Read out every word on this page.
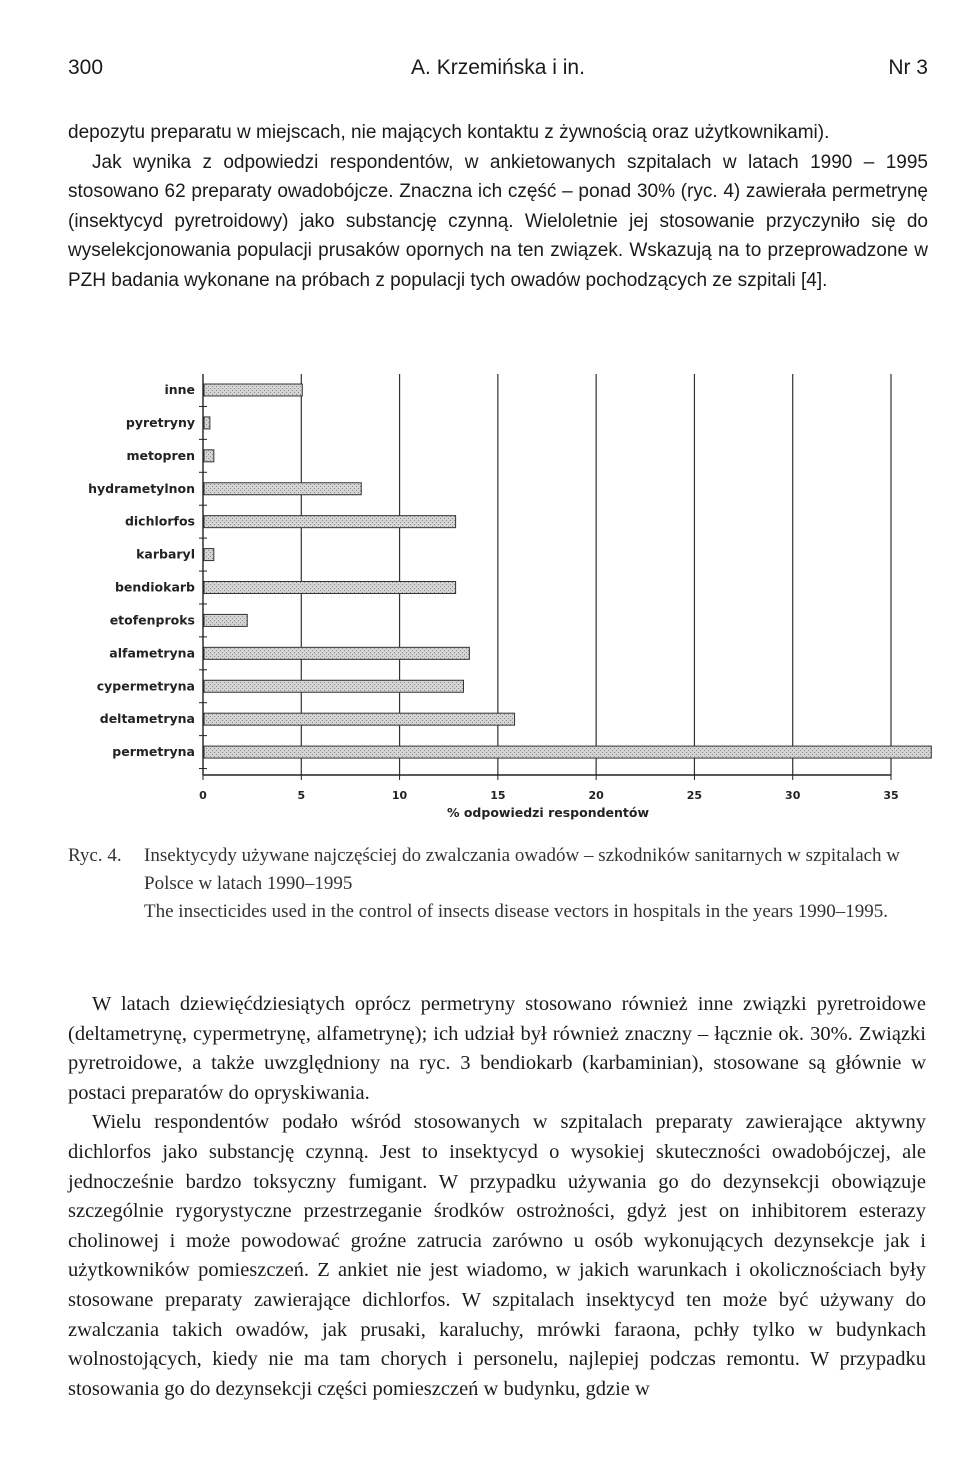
300	A. Krzemińska i in.	Nr 3

depozytu preparatu w miejscach, nie mających kontaktu z żywnością oraz użytkownikami).

Jak wynika z odpowiedzi respondentów, w ankietowanych szpitalach w latach 1990 – 1995 stosowano 62 preparaty owadobójcze. Znaczna ich część – ponad 30% (ryc. 4) zawierała permetrynę (insektycyd pyretroidowy) jako substancję czynną. Wieloletnie jej stosowanie przyczyniło się do wyselekcjonowania populacji prusaków opornych na ten związek. Wskazują na to przeprowadzone w PZH badania wykonane na próbach z populacji tych owadów pochodzących ze szpitali [4].

inne
pyretryny
metopren
hydrametylnon
dichlorfos
karbaryl
bendiokarb
etofenproks
alfametryna
cypermetryna
deltametryna
permetryna
0	5	10	15	20	25	30	35
% odpowiedzi respondentów
Ryc. 4. Insektycydy używane najczęściej do zwalczania owadów – szkodników sanitarnych w szpitalach w Polsce w latach 1990–1995

The insecticides used in the control of insects disease vectors in hospitals in the years 1990–1995.

W latach dziewięćdziesiątych oprócz permetryny stosowano również inne związki pyretroidowe (deltametrynę, cypermetrynę, alfametrynę); ich udział był również znaczny – łącznie ok. 30%. Związki pyretroidowe, a także uwzględniony na ryc. 3 bendiokarb (karbaminian), stosowane są głównie w postaci preparatów do opryskiwania.

Wielu respondentów podało wśród stosowanych w szpitalach preparaty zawierające aktywny dichlorfos jako substancję czynną. Jest to insektycyd o wysokiej skuteczności owadobójczej, ale jednocześnie bardzo toksyczny fumigant. W przypadku używania go do dezynsekcji obowiązuje szczególnie rygorystyczne przestrzeganie środków ostrożności, gdyż jest on inhibitorem esterazy cholinowej i może powodować groźne zatrucia zarówno u osób wykonujących dezynsekcje jak i użytkowników pomieszczeń. Z ankiet nie jest wiadomo, w jakich warunkach i okolicznościach były stosowane preparaty zawierające dichlorfos. W szpitalach insektycyd ten może być używany do zwalczania takich owadów, jak prusaki, karaluchy, mrówki faraona, pchły tylko w budynkach wolnostojących, kiedy nie ma tam chorych i personelu, najlepiej podczas remontu. W przypadku stosowania go do dezynsekcji części pomieszczeń w budynku, gdzie w
